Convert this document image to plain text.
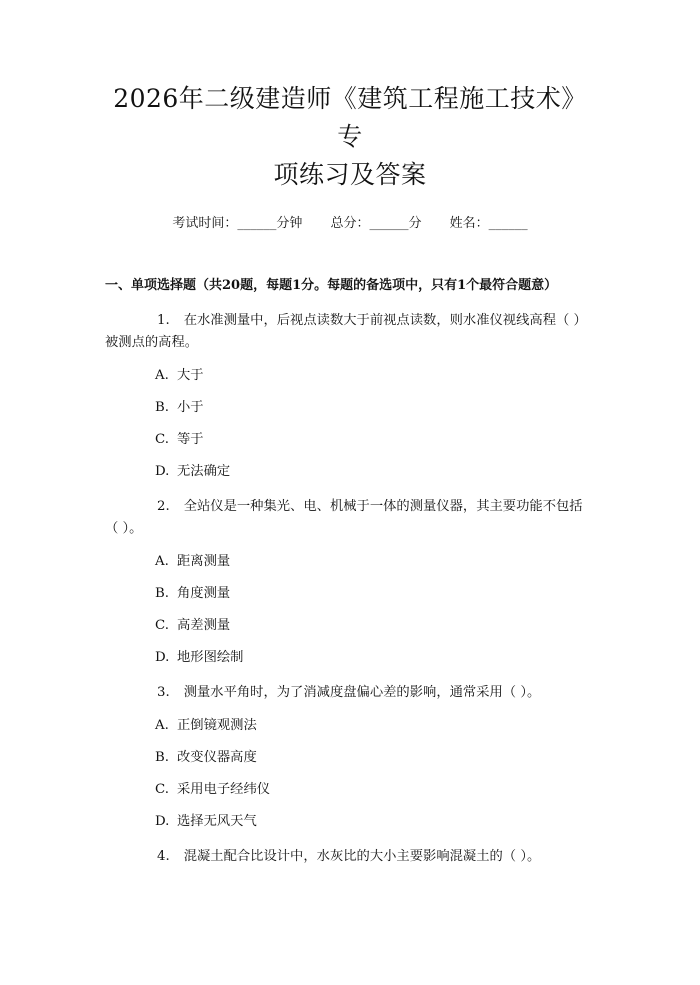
2026年二级建造师《建筑工程施工技术》专
项练习及答案
考试时间：______分钟 总分：______分 姓名：______
一、单项选择题（共20题，每题1分。每题的备选项中，只有1个最符合题意）
1. 在水准测量中，后视点读数大于前视点读数，则水准仪视线高程（ ）被测点的高程。
A. 大于
B. 小于
C. 等于
D. 无法确定
2. 全站仪是一种集光、电、机械于一体的测量仪器，其主要功能不包括（ ）。
A. 距离测量
B. 角度测量
C. 高差测量
D. 地形图绘制
3. 测量水平角时，为了消减度盘偏心差的影响，通常采用（ ）。
A. 正倒镜观测法
B. 改变仪器高度
C. 采用电子经纬仪
D. 选择无风天气
4. 混凝土配合比设计中，水灰比的大小主要影响混凝土的（ ）。
